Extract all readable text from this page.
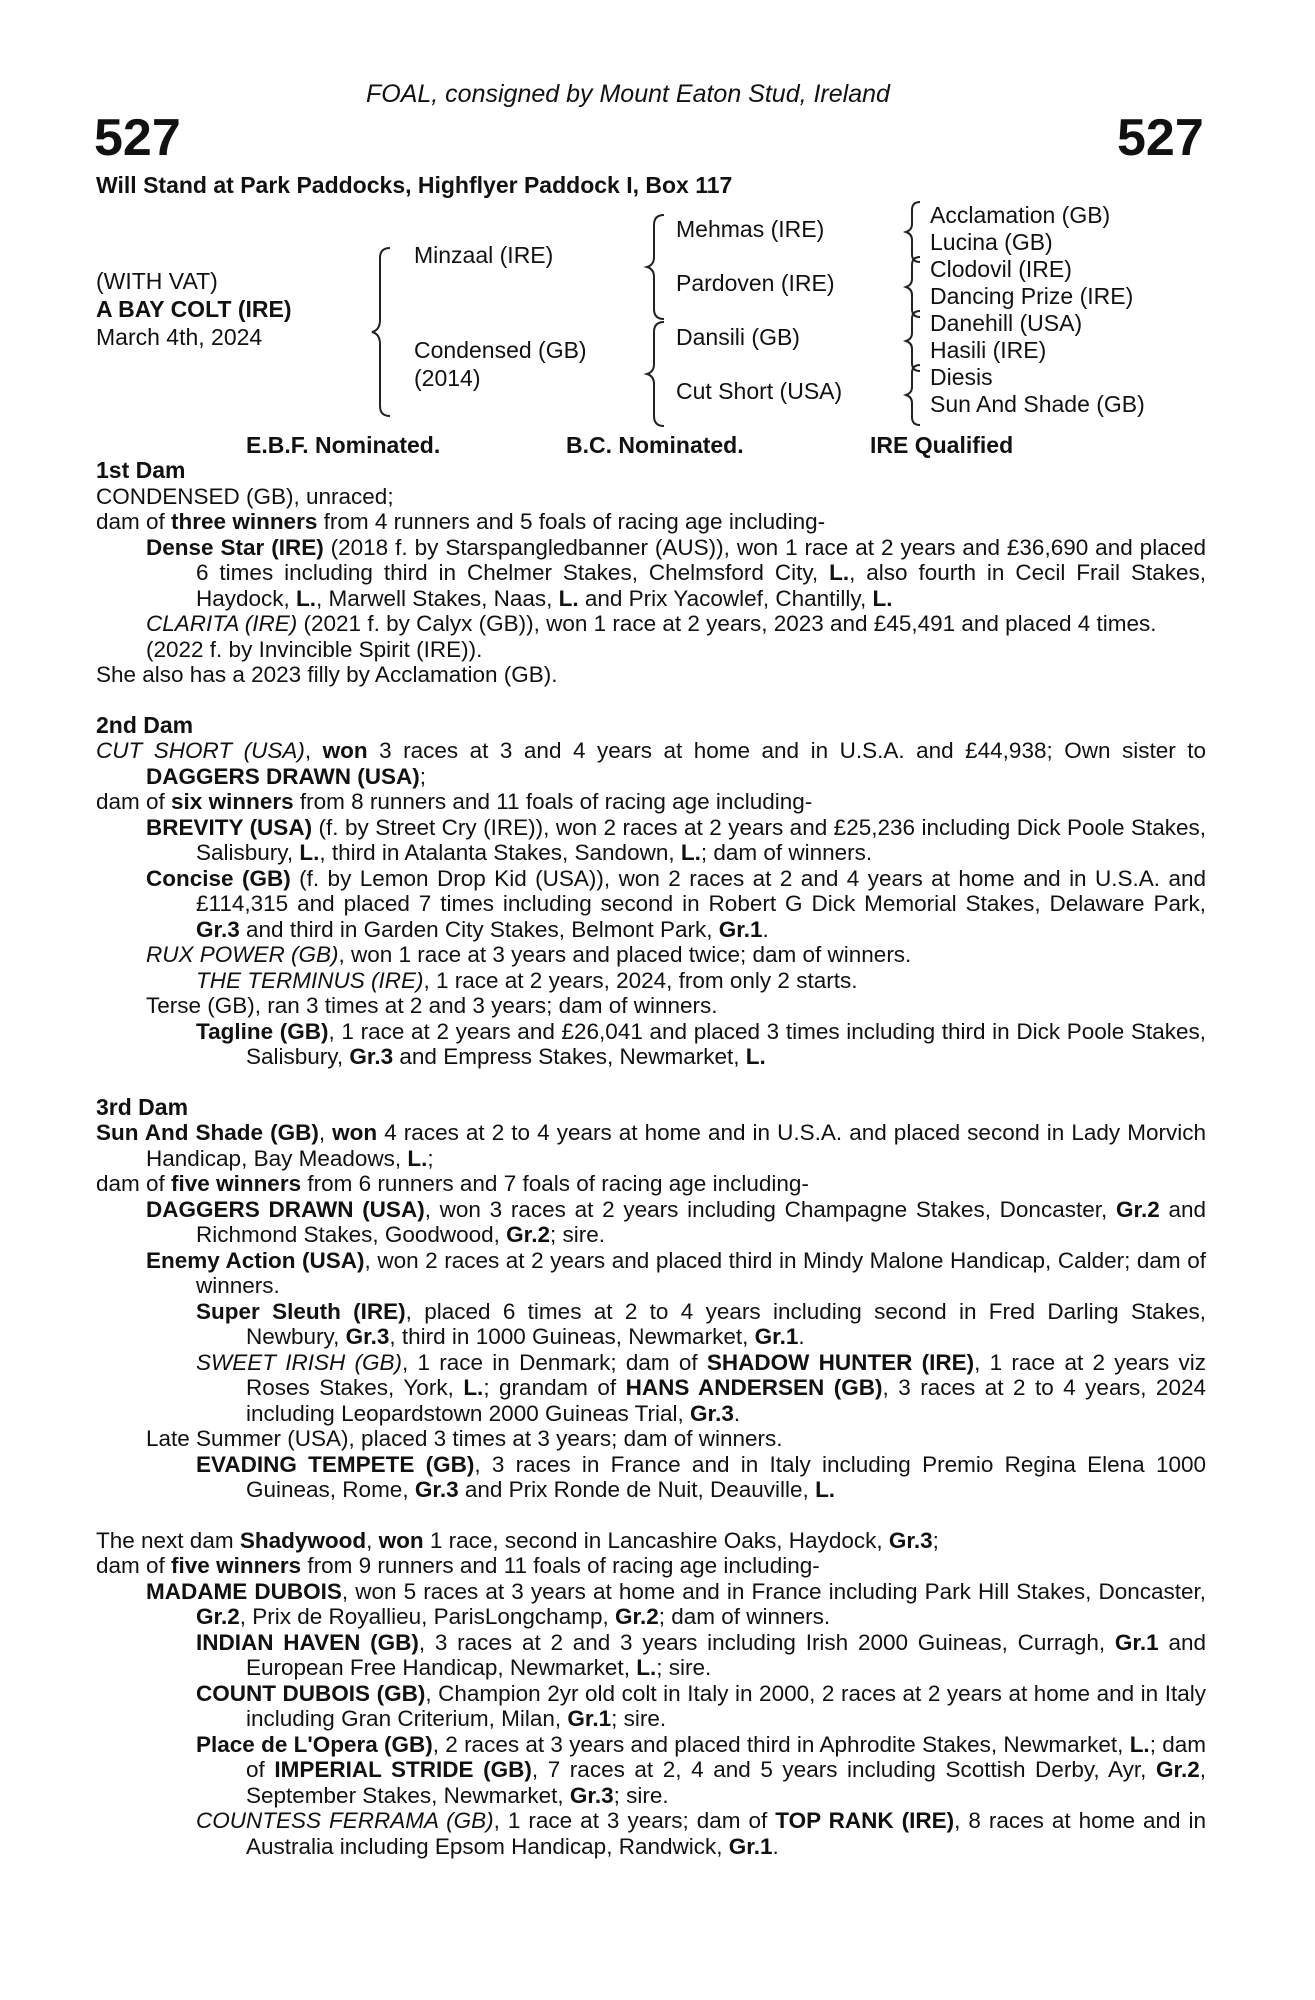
FOAL, consigned by Mount Eaton Stud, Ireland
527	527
Will Stand at Park Paddocks, Highflyer Paddock I, Box 117
(WITH VAT)
A BAY COLT (IRE)
March 4th, 2024
Minzaal (IRE)
Condensed (GB)
(2014)
Mehmas (IRE)
Pardoven (IRE)
Dansili (GB)
Cut Short (USA)
Acclamation (GB)
Lucina (GB)
Clodovil (IRE)
Dancing Prize (IRE)
Danehill (USA)
Hasili (IRE)
Diesis
Sun And Shade (GB)
E.B.F. Nominated.	B.C. Nominated.	IRE Qualified
1st Dam
CONDENSED (GB), unraced;
dam of three winners from 4 runners and 5 foals of racing age including-
Dense Star (IRE) (2018 f. by Starspangledbanner (AUS)), won 1 race at 2 years and £36,690 and placed 6 times including third in Chelmer Stakes, Chelmsford City, L., also fourth in Cecil Frail Stakes, Haydock, L., Marwell Stakes, Naas, L. and Prix Yacowlef, Chantilly, L.
CLARITA (IRE) (2021 f. by Calyx (GB)), won 1 race at 2 years, 2023 and £45,491 and placed 4 times.
(2022 f. by Invincible Spirit (IRE)).
She also has a 2023 filly by Acclamation (GB).
2nd Dam
CUT SHORT (USA), won 3 races at 3 and 4 years at home and in U.S.A. and £44,938; Own sister to DAGGERS DRAWN (USA);
dam of six winners from 8 runners and 11 foals of racing age including-
BREVITY (USA) (f. by Street Cry (IRE)), won 2 races at 2 years and £25,236 including Dick Poole Stakes, Salisbury, L., third in Atalanta Stakes, Sandown, L.; dam of winners.
Concise (GB) (f. by Lemon Drop Kid (USA)), won 2 races at 2 and 4 years at home and in U.S.A. and £114,315 and placed 7 times including second in Robert G Dick Memorial Stakes, Delaware Park, Gr.3 and third in Garden City Stakes, Belmont Park, Gr.1.
RUX POWER (GB), won 1 race at 3 years and placed twice; dam of winners.
THE TERMINUS (IRE), 1 race at 2 years, 2024, from only 2 starts.
Terse (GB), ran 3 times at 2 and 3 years; dam of winners.
Tagline (GB), 1 race at 2 years and £26,041 and placed 3 times including third in Dick Poole Stakes, Salisbury, Gr.3 and Empress Stakes, Newmarket, L.
3rd Dam
Sun And Shade (GB), won 4 races at 2 to 4 years at home and in U.S.A. and placed second in Lady Morvich Handicap, Bay Meadows, L.;
dam of five winners from 6 runners and 7 foals of racing age including-
DAGGERS DRAWN (USA), won 3 races at 2 years including Champagne Stakes, Doncaster, Gr.2 and Richmond Stakes, Goodwood, Gr.2; sire.
Enemy Action (USA), won 2 races at 2 years and placed third in Mindy Malone Handicap, Calder; dam of winners.
Super Sleuth (IRE), placed 6 times at 2 to 4 years including second in Fred Darling Stakes, Newbury, Gr.3, third in 1000 Guineas, Newmarket, Gr.1.
SWEET IRISH (GB), 1 race in Denmark; dam of SHADOW HUNTER (IRE), 1 race at 2 years viz Roses Stakes, York, L.; grandam of HANS ANDERSEN (GB), 3 races at 2 to 4 years, 2024 including Leopardstown 2000 Guineas Trial, Gr.3.
Late Summer (USA), placed 3 times at 3 years; dam of winners.
EVADING TEMPETE (GB), 3 races in France and in Italy including Premio Regina Elena 1000 Guineas, Rome, Gr.3 and Prix Ronde de Nuit, Deauville, L.
The next dam Shadywood, won 1 race, second in Lancashire Oaks, Haydock, Gr.3;
dam of five winners from 9 runners and 11 foals of racing age including-
MADAME DUBOIS, won 5 races at 3 years at home and in France including Park Hill Stakes, Doncaster, Gr.2, Prix de Royallieu, ParisLongchamp, Gr.2; dam of winners.
INDIAN HAVEN (GB), 3 races at 2 and 3 years including Irish 2000 Guineas, Curragh, Gr.1 and European Free Handicap, Newmarket, L.; sire.
COUNT DUBOIS (GB), Champion 2yr old colt in Italy in 2000, 2 races at 2 years at home and in Italy including Gran Criterium, Milan, Gr.1; sire.
Place de L'Opera (GB), 2 races at 3 years and placed third in Aphrodite Stakes, Newmarket, L.; dam of IMPERIAL STRIDE (GB), 7 races at 2, 4 and 5 years including Scottish Derby, Ayr, Gr.2, September Stakes, Newmarket, Gr.3; sire.
COUNTESS FERRAMA (GB), 1 race at 3 years; dam of TOP RANK (IRE), 8 races at home and in Australia including Epsom Handicap, Randwick, Gr.1.
